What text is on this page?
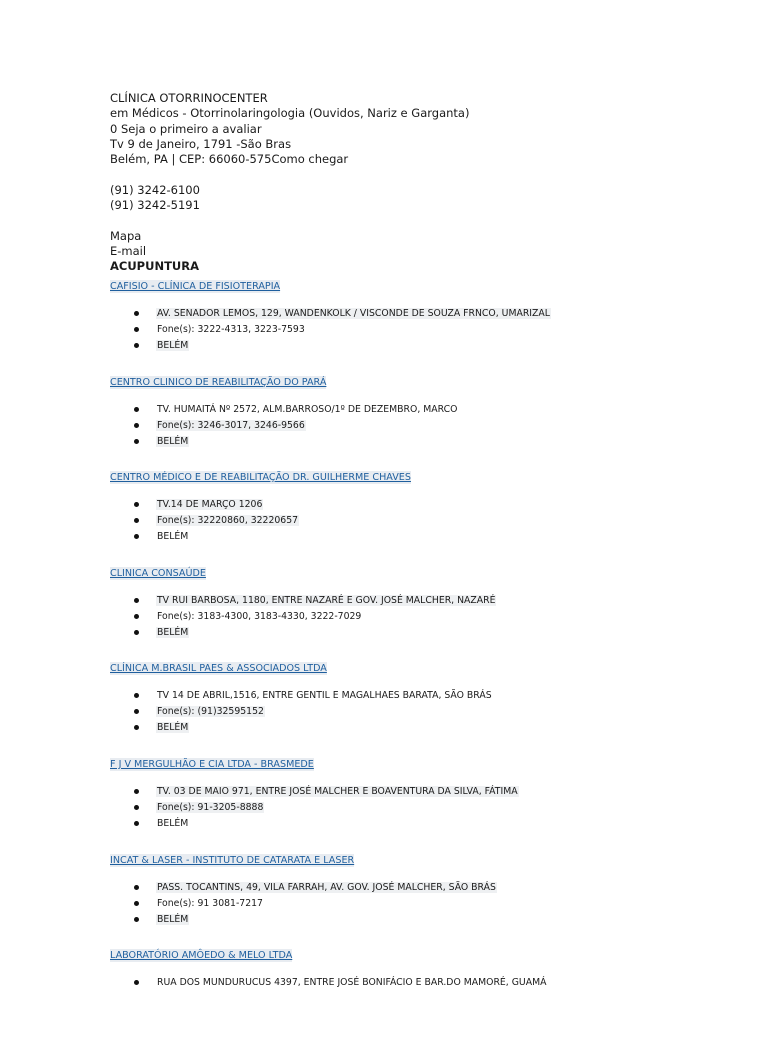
CLÍNICA OTORRINOCENTER
em Médicos - Otorrinolaringologia (Ouvidos, Nariz e Garganta)
0 Seja o primeiro a avaliar
Tv 9 de Janeiro, 1791 -São Bras
Belém, PA | CEP: 66060-575Como chegar
(91) 3242-6100
(91) 3242-5191
Mapa
E-mail
ACUPUNTURA
CAFISIO - CLÍNICA DE FISIOTERAPIA
AV. SENADOR LEMOS, 129, WANDENKOLK / VISCONDE DE SOUZA FRNCO, UMARIZAL
Fone(s): 3222-4313, 3223-7593
BELÉM
CENTRO CLINICO DE REABILITAÇÃO DO PARÁ
TV. HUMAITÁ Nº 2572, ALM.BARROSO/1º DE DEZEMBRO, MARCO
Fone(s): 3246-3017, 3246-9566
BELÉM
CENTRO MÉDICO E DE REABILITAÇÃO DR. GUILHERME CHAVES
TV.14 DE MARÇO 1206
Fone(s): 32220860, 32220657
BELÉM
CLINICA CONSAÚDE
TV RUI BARBOSA, 1180, ENTRE NAZARÉ E GOV. JOSÉ MALCHER, NAZARÉ
Fone(s): 3183-4300, 3183-4330, 3222-7029
BELÉM
CLÍNICA M.BRASIL PAES & ASSOCIADOS LTDA
TV 14 DE ABRIL,1516, ENTRE GENTIL E MAGALHAES BARATA, SÃO BRÁS
Fone(s): (91)32595152
BELÉM
F J V MERGULHÃO E CIA LTDA - BRASMEDE
TV. 03 DE MAIO 971, ENTRE JOSÉ MALCHER E BOAVENTURA DA SILVA, FÁTIMA
Fone(s): 91-3205-8888
BELÉM
INCAT & LASER - INSTITUTO DE CATARATA E LASER
PASS. TOCANTINS, 49, VILA FARRAH, AV. GOV. JOSÉ MALCHER, SÃO BRÁS
Fone(s): 91 3081-7217
BELÉM
LABORATÓRIO AMÔEDO & MELO LTDA
RUA DOS MUNDURUCUS 4397, ENTRE JOSÉ BONIFÁCIO E BAR.DO MAMORÉ, GUAMÁ
